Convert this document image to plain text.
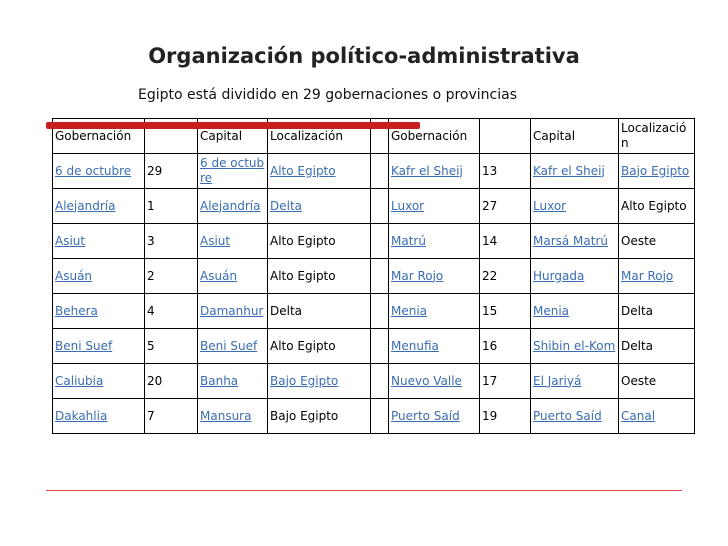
Organización político-administrativa
Egipto está dividido en 29 gobernaciones o provincias
Gobernación		Capital	Localización		Gobernación		Capital	Localización
6 de octubre	29	6 de octubre	Alto Egipto		Kafr el Sheij	13	Kafr el Sheij	Bajo Egipto
Alejandría	1	Alejandría	Delta		Luxor	27	Luxor	Alto Egipto
Asiut	3	Asiut	Alto Egipto		Matrú	14	Marsá Matrú	Oeste
Asuán	2	Asuán	Alto Egipto		Mar Rojo	22	Hurgada	Mar Rojo
Behera	4	Damanhur	Delta		Menia	15	Menia	Delta
Beni Suef	5	Beni Suef	Alto Egipto		Menufia	16	Shibin el-Kom	Delta
Caliubia	20	Banha	Bajo Egipto		Nuevo Valle	17	El Jariyá	Oeste
Dakahlia	7	Mansura	Bajo Egipto		Puerto Saíd	19	Puerto Saíd	Canal
